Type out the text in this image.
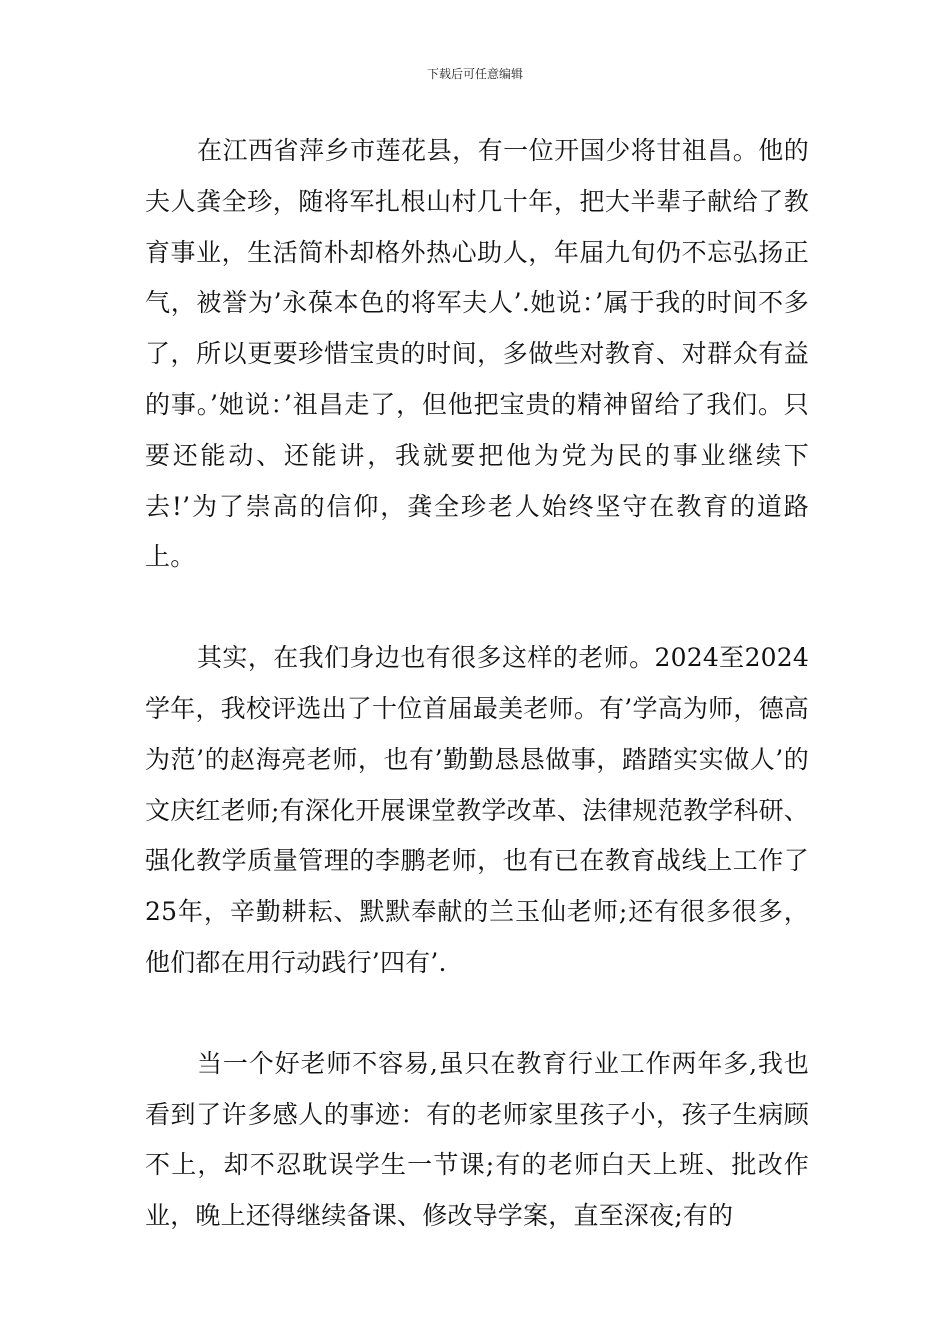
下载后可任意编辑

在江西省萍乡市莲花县，有一位开国少将甘祖昌。他的夫人龚全珍，随将军扎根山村几十年，把大半辈子献给了教育事业，生活简朴却格外热心助人，年届九旬仍不忘弘扬正气，被誉为’永葆本色的将军夫人’.她说：’属于我的时间不多了，所以更要珍惜宝贵的时间，多做些对教育、对群众有益的事。’她说：’祖昌走了，但他把宝贵的精神留给了我们。只要还能动、还能讲，我就要把他为党为民的事业继续下去!’为了崇高的信仰，龚全珍老人始终坚守在教育的道路上。

其实，在我们身边也有很多这样的老师。2024至2024学年，我校评选出了十位首届最美老师。有’学高为师，德高为范’的赵海亮老师，也有’勤勤恳恳做事，踏踏实实做人’的文庆红老师;有深化开展课堂教学改革、法律规范教学科研、强化教学质量管理的李鹏老师，也有已在教育战线上工作了25年，辛勤耕耘、默默奉献的兰玉仙老师;还有很多很多，他们都在用行动践行’四有’.

当一个好老师不容易,虽只在教育行业工作两年多,我也看到了许多感人的事迹：有的老师家里孩子小，孩子生病顾不上，却不忍耽误学生一节课;有的老师白天上班、批改作业，晚上还得继续备课、修改导学案，直至深夜;有的
